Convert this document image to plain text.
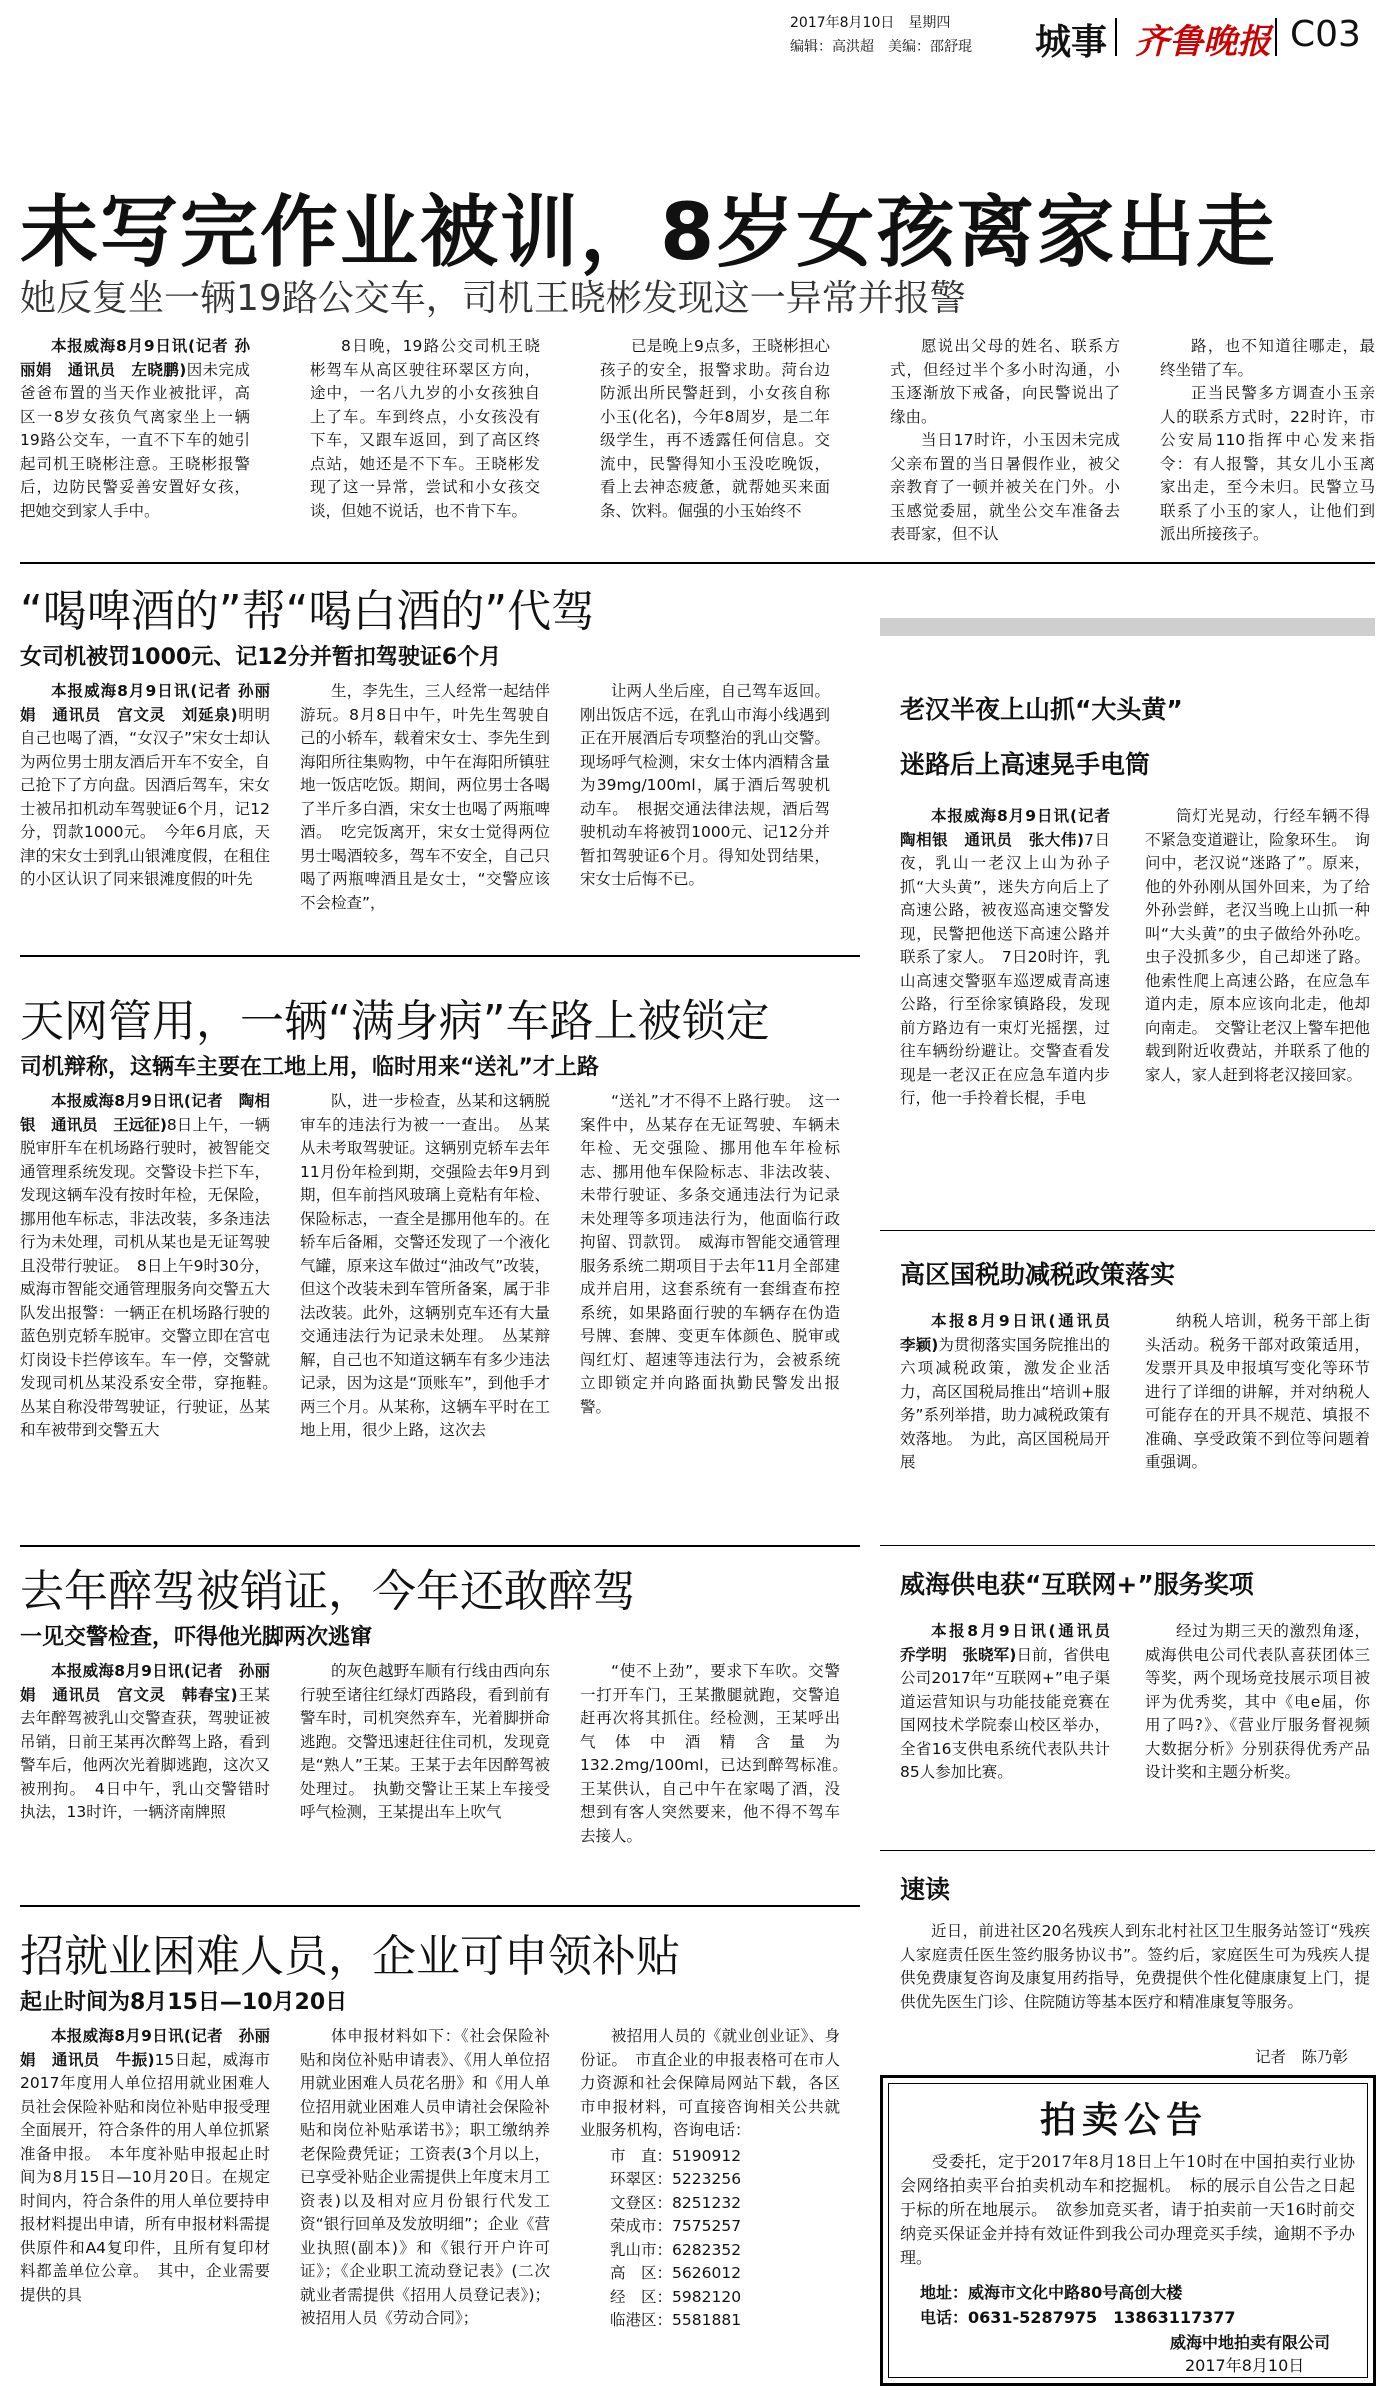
2017年8月10日　星期四
编辑：高洪超　美编：邵舒琨 城事 齐鲁晚报 C03
未写完作业被训，8岁女孩离家出走
她反复坐一辆19路公交车，司机王晓彬发现这一异常并报警

本报威海8月9日讯(记者 孙丽娟　通讯员　左晓鹏)因未完成爸爸布置的当天作业被批评，高区一8岁女孩负气离家坐上一辆19路公交车，一直不下车的她引起司机王晓彬注意。王晓彬报警后，边防民警妥善安置好女孩，把她交到家人手中。

8日晚，19路公交司机王晓彬驾车从高区驶往环翠区方向，途中，一名八九岁的小女孩独自上了车。车到终点，小女孩没有下车，又跟车返回，到了高区终点站，她还是不下车。王晓彬发现了这一异常，尝试和小女孩交谈，但她不说话，也不肯下车。

已是晚上9点多，王晓彬担心孩子的安全，报警求助。菏台边防派出所民警赶到，小女孩自称小玉(化名)，今年8周岁，是二年级学生，再不透露任何信息。交流中，民警得知小玉没吃晚饭，看上去神态疲惫，就帮她买来面条、饮料。倔强的小玉始终不

愿说出父母的姓名、联系方式，但经过半个多小时沟通，小玉逐渐放下戒备，向民警说出了缘由。

当日17时许，小玉因未完成父亲布置的当日暑假作业，被父亲教育了一顿并被关在门外。小玉感觉委屈，就坐公交车准备去表哥家，但不认

路，也不知道往哪走，最终坐错了车。

正当民警多方调查小玉亲人的联系方式时，22时许，市公安局110指挥中心发来指令：有人报警，其女儿小玉离家出走，至今未归。民警立马联系了小玉的家人，让他们到派出所接孩子。

“喝啤酒的”帮“喝白酒的”代驾
女司机被罚1000元、记12分并暂扣驾驶证6个月

本报威海8月9日讯(记者 孙丽娟　通讯员　宫文灵　刘延泉)明明自己也喝了酒，“女汉子”宋女士却认为两位男士朋友酒后开车不安全，自己抢下了方向盘。因酒后驾车，宋女士被吊扣机动车驾驶证6个月，记12分，罚款1000元。　今年6月底，天津的宋女士到乳山银滩度假，在租住的小区认识了同来银滩度假的叶先

生，李先生，三人经常一起结伴游玩。8月8日中午，叶先生驾驶自己的小轿车，载着宋女士、李先生到海阳所往集购物，中午在海阳所镇驻地一饭店吃饭。期间，两位男士各喝了半斤多白酒，宋女士也喝了两瓶啤酒。　吃完饭离开，宋女士觉得两位男士喝酒较多，驾车不安全，自己只喝了两瓶啤酒且是女士，“交警应该不会检查”，

让两人坐后座，自己驾车返回。刚出饭店不远，在乳山市海小线遇到正在开展酒后专项整治的乳山交警。现场呼气检测，宋女士体内酒精含量为39mg/100ml，属于酒后驾驶机动车。　根据交通法律法规，酒后驾驶机动车将被罚1000元、记12分并暂扣驾驶证6个月。得知处罚结果，宋女士后悔不已。

老汉半夜上山抓“大头黄”
迷路后上高速晃手电筒

本报威海8月9日讯(记者　陶相银　通讯员　张大伟)7日夜，乳山一老汉上山为孙子抓“大头黄”，迷失方向后上了高速公路，被夜巡高速交警发现，民警把他送下高速公路并联系了家人。　7日20时许，乳山高速交警驱车巡逻威青高速公路，行至徐家镇路段，发现前方路边有一束灯光摇摆，过往车辆纷纷避让。交警查看发现是一老汉正在应急车道内步行，他一手拎着长棍，手电

筒灯光晃动，行经车辆不得不紧急变道避让，险象环生。　询问中，老汉说“迷路了”。原来，他的外孙刚从国外回来，为了给外孙尝鲜，老汉当晚上山抓一种叫“大头黄”的虫子做给外孙吃。虫子没抓多少，自己却迷了路。他索性爬上高速公路，在应急车道内走，原本应该向北走，他却向南走。　交警让老汉上警车把他载到附近收费站，并联系了他的家人，家人赶到将老汉接回家。

天网管用，一辆“满身病”车路上被锁定
司机辩称，这辆车主要在工地上用，临时用来“送礼”才上路

本报威海8月9日讯(记者　陶相银　通讯员　王远征)8日上午，一辆脱审肝车在机场路行驶时，被智能交通管理系统发现。交警设卡拦下车，发现这辆车没有按时年检，无保险，挪用他车标志，非法改装，多条违法行为未处理，司机从某也是无证驾驶且没带行驶证。　8日上午9时30分，威海市智能交通管理服务向交警五大队发出报警：一辆正在机场路行驶的蓝色别克轿车脱审。交警立即在宫屯灯岗设卡拦停该车。车一停，交警就发现司机丛某没系安全带，穿拖鞋。　丛某自称没带驾驶证，行驶证，丛某和车被带到交警五大

队，进一步检查，丛某和这辆脱审车的违法行为被一一查出。　丛某从未考取驾驶证。这辆别克轿车去年11月份年检到期，交强险去年9月到期，但车前挡风玻璃上竟粘有年检、保险标志，一查全是挪用他车的。在轿车后备厢，交警还发现了一个液化气罐，原来这车做过“油改气”改装，但这个改装未到车管所备案，属于非法改装。此外，这辆别克车还有大量交通违法行为记录未处理。　丛某辩解，自己也不知道这辆车有多少违法记录，因为这是“顶账车”，到他手才两三个月。从某称，这辆车平时在工地上用，很少上路，这次去

“送礼”才不得不上路行驶。　这一案件中，丛某存在无证驾驶、车辆未年检、无交强险、挪用他车年检标志、挪用他车保险标志、非法改装、未带行驶证、多条交通违法行为记录未处理等多项违法行为，他面临行政拘留、罚款罚。　威海市智能交通管理服务系统二期项目于去年11月全部建成并启用，这套系统有一套缉查布控系统，如果路面行驶的车辆存在伪造号牌、套牌、变更车体颜色、脱审或闯红灯、超速等违法行为，会被系统立即锁定并向路面执勤民警发出报警。

高区国税助减税政策落实

本报8月9日讯(通讯员　李颖)为贯彻落实国务院推出的六项减税政策，激发企业活力，高区国税局推出“培训+服务”系列举措，助力减税政策有效落地。　为此，高区国税局开展

纳税人培训，税务干部上街头活动。税务干部对政策适用，发票开具及申报填写变化等环节进行了详细的讲解，并对纳税人可能存在的开具不规范、填报不准确、享受政策不到位等问题着重强调。

去年醉驾被销证，今年还敢醉驾
一见交警检查，吓得他光脚两次逃窜

本报威海8月9日讯(记者　孙丽娟　通讯员　宫文灵　韩春宝)王某去年醉驾被乳山交警查获，驾驶证被吊销，日前王某再次醉驾上路，看到警车后，他两次光着脚逃跑，这次又被刑拘。　4日中午，乳山交警错时执法，13时许，一辆济南牌照

的灰色越野车顺有行线由西向东行驶至诸往红绿灯西路段，看到前有警车时，司机突然弃车，光着脚拼命逃跑。交警迅速赶往住司机，发现竟是“熟人”王某。王某于去年因醉驾被处理过。　执勤交警让王某上车接受呼气检测，王某提出车上吹气

“使不上劲”，要求下车吹。交警一打开车门，王某撒腿就跑，交警追赶再次将其抓住。经检测，王某呼出气体中酒精含量为132.2mg/100ml，已达到醉驾标准。　王某供认，自己中午在家喝了酒，没想到有客人突然要来，他不得不驾车去接人。

威海供电获“互联网+”服务奖项

本报8月9日讯(通讯员　乔学明　张晓军)日前，省供电公司2017年“互联网+”电子渠道运营知识与功能技能竞赛在国网技术学院泰山校区举办，全省16支供电系统代表队共计85人参加比赛。

经过为期三天的激烈角逐，威海供电公司代表队喜获团体三等奖，两个现场竞技展示项目被评为优秀奖，其中《电e届，你用了吗?》、《营业厅服务督视频大数据分析》分别获得优秀产品设计奖和主题分析奖。

速读

近日，前进社区20名残疾人到东北村社区卫生服务站签订“残疾人家庭责任医生签约服务协议书”。签约后，家庭医生可为残疾人提供免费康复咨询及康复用药指导，免费提供个性化健康康复上门，提供优先医生门诊、住院随访等基本医疗和精准康复等服务。

记者　陈乃彰
招就业困难人员，企业可申领补贴
起止时间为8月15日—10月20日

本报威海8月9日讯(记者　孙丽娟　通讯员　牛振)15日起，威海市2017年度用人单位招用就业困难人员社会保险补贴和岗位补贴申报受理全面展开，符合条件的用人单位抓紧准备申报。　本年度补贴申报起止时间为8月15日—10月20日。在规定时间内，符合条件的用人单位要持申报材料提出申请，所有申报材料需提供原件和A4复印件，且所有复印材料都盖单位公章。　其中，企业需要提供的具

体申报材料如下：《社会保险补贴和岗位补贴申请表》、《用人单位招用就业困难人员花名册》和《用人单位招用就业困难人员申请社会保险补贴和岗位补贴承诺书》；职工缴纳养老保险费凭证；工资表(3个月以上，已享受补贴企业需提供上年度末月工资表)以及相对应月份银行代发工资“银行回单及发放明细”；企业《营业执照(副本)》和《银行开户许可证》；《企业职工流动登记表》(二次就业者需提供《招用人员登记表》)；被招用人员《劳动合同》；

被招用人员的《就业创业证》、身份证。　市直企业的申报表格可在市人力资源和社会保障局网站下载，各区市申报材料，可直接咨询相关公共就业服务机构，咨询电话：

市　直：5190912
环翠区：5223256
文登区：8251232
荣成市：7575257
乳山市：6282352
高　区：5626012
经　区：5982120
临港区：5581881
拍卖公告

受委托，定于2017年8月18日上午10时在中国拍卖行业协会网络拍卖平台拍卖机动车和挖掘机。　标的展示自公告之日起于标的所在地展示。　欲参加竞买者，请于拍卖前一天16时前交纳竞买保证金并持有效证件到我公司办理竞买手续，逾期不予办理。

地址：威海市文化中路80号高创大楼
电话：0631-5287975　13863117377
威海中地拍卖有限公司
2017年8月10日
